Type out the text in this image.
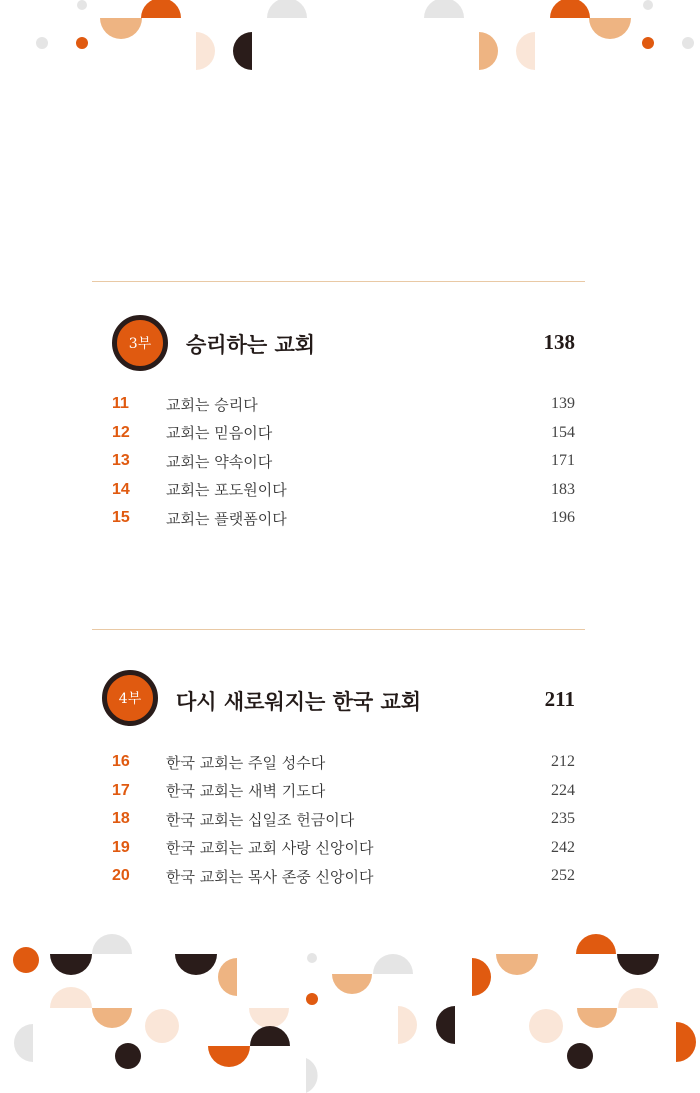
3부	승리하는 교회	138
11 교회는 승리다	139
12 교회는 믿음이다	154
13 교회는 약속이다	171
14 교회는 포도원이다	183
15 교회는 플랫폼이다	196
4부	다시 새로워지는 한국 교회	211
16 한국 교회는 주일 성수다	212
17 한국 교회는 새벽 기도다	224
18 한국 교회는 십일조 헌금이다	235
19 한국 교회는 교회 사랑 신앙이다	242
20 한국 교회는 목사 존중 신앙이다	252
